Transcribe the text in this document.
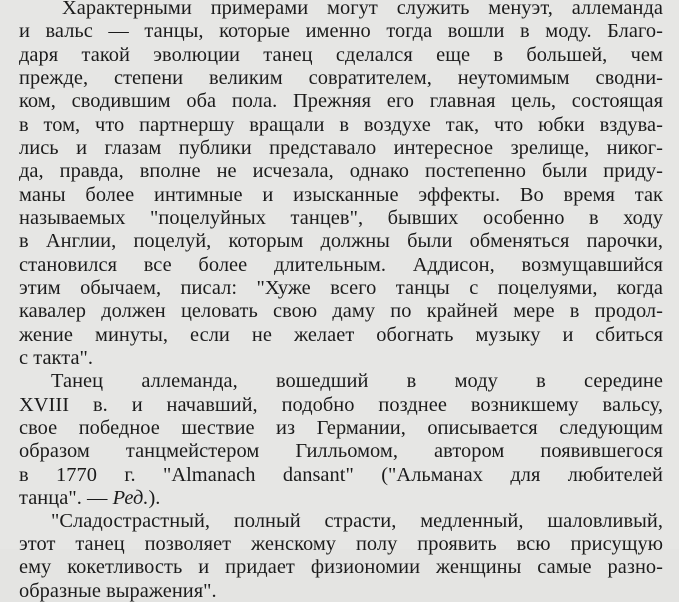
Характерными примерами могут служить менуэт, аллеманда
и вальс — танцы, которые именно тогда вошли в моду. Благо-
даря такой эволюции танец сделался еще в большей, чем
прежде, степени великим совратителем, неутомимым сводни-
ком, сводившим оба пола. Прежняя его главная цель, состоящая
в том, что партнершу вращали в воздухе так, что юбки вздува-
лись и глазам публики представало интересное зрелище, никог-
да, правда, вполне не исчезала, однако постепенно были приду-
маны более интимные и изысканные эффекты. Во время так
называемых "поцелуйных танцев", бывших особенно в ходу
в Англии, поцелуй, которым должны были обменяться парочки,
становился все более длительным. Аддисон, возмущавшийся
этим обычаем, писал: "Хуже всего танцы с поцелуями, когда
кавалер должен целовать свою даму по крайней мере в продол-
жение минуты, если не желает обогнать музыку и сбиться
с такта".
Танец аллеманда, вошедший в моду в середине
XVIII в. и начавший, подобно позднее возникшему вальсу,
свое победное шествие из Германии, описывается следующим
образом танцмейстером Гилльомом, автором появившегося
в 1770 г. "Almanach dansant" ("Альманах для любителей
танца". — Ред.).
"Сладострастный, полный страсти, медленный, шаловливый,
этот танец позволяет женскому полу проявить всю присущую
ему кокетливость и придает физиономии женщины самые разно-
образные выражения".
